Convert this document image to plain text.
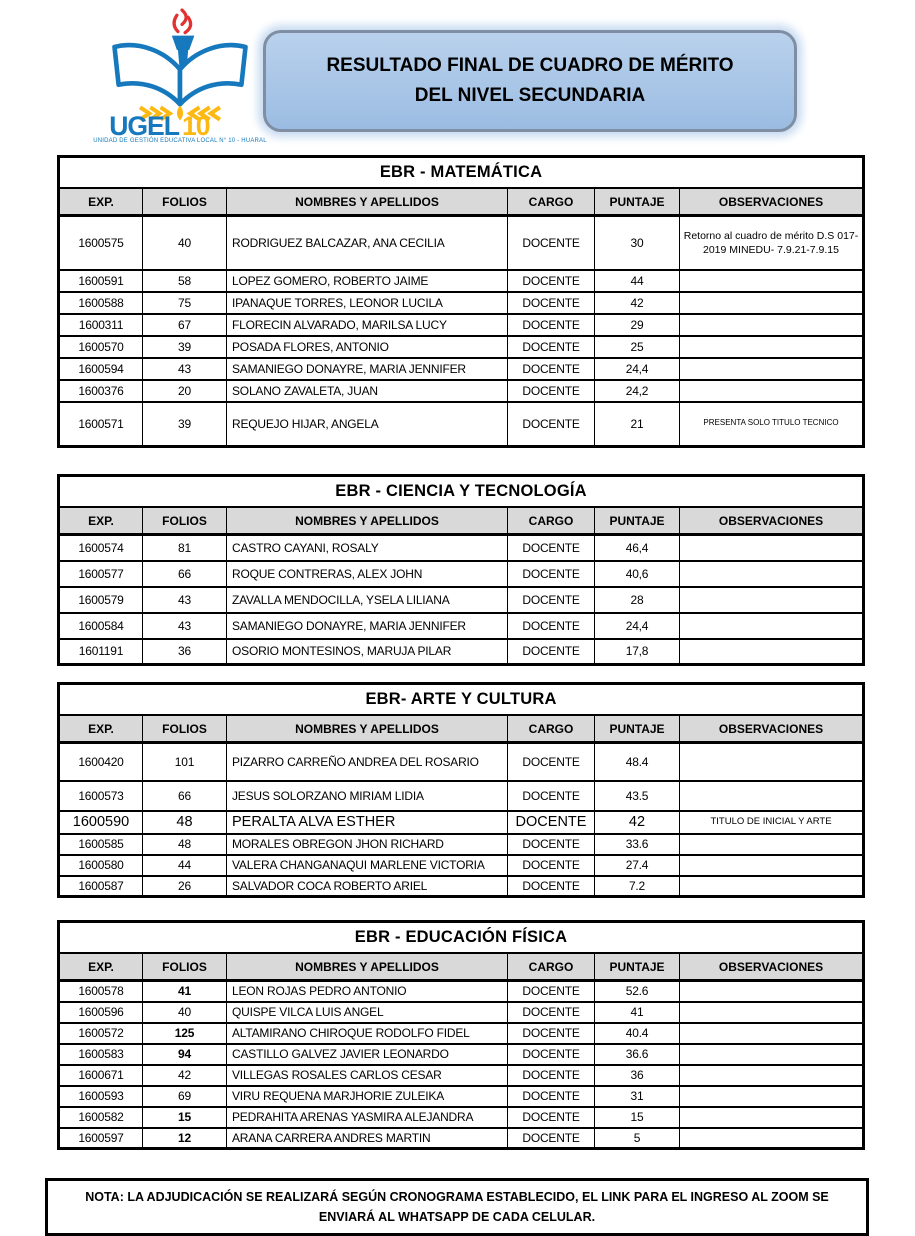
UGEL 10
UNIDAD DE GESTIÓN EDUCATIVA LOCAL N° 10 - HUARAL
RESULTADO FINAL DE CUADRO DE MÉRITO DEL NIVEL SECUNDARIA
EBR - MATEMÁTICA					
EXP.	FOLIOS	NOMBRES Y APELLIDOS	CARGO	PUNTAJE	OBSERVACIONES
1600575	40	RODRIGUEZ BALCAZAR, ANA CECILIA	DOCENTE	30	Retorno al cuadro de mérito D.S 017-2019 MINEDU- 7.9.21-7.9.15
1600591	58	LOPEZ GOMERO, ROBERTO JAIME	DOCENTE	44	
1600588	75	IPANAQUE TORRES, LEONOR LUCILA	DOCENTE	42	
1600311	67	FLORECIN ALVARADO, MARILSA LUCY	DOCENTE	29	
1600570	39	POSADA FLORES, ANTONIO	DOCENTE	25	
1600594	43	SAMANIEGO DONAYRE, MARIA JENNIFER	DOCENTE	24,4	
1600376	20	SOLANO ZAVALETA, JUAN	DOCENTE	24,2	
1600571	39	REQUEJO HIJAR, ANGELA	DOCENTE	21	PRESENTA SOLO TITULO TECNICO
EBR - CIENCIA Y TECNOLOGÍA					
EXP.	FOLIOS	NOMBRES Y APELLIDOS	CARGO	PUNTAJE	OBSERVACIONES
1600574	81	CASTRO CAYANI, ROSALY	DOCENTE	46,4	
1600577	66	ROQUE CONTRERAS, ALEX JOHN	DOCENTE	40,6	
1600579	43	ZAVALLA MENDOCILLA, YSELA LILIANA	DOCENTE	28	
1600584	43	SAMANIEGO DONAYRE, MARIA JENNIFER	DOCENTE	24,4	
1601191	36	OSORIO MONTESINOS, MARUJA PILAR	DOCENTE	17,8	
EBR- ARTE Y CULTURA					
EXP.	FOLIOS	NOMBRES Y APELLIDOS	CARGO	PUNTAJE	OBSERVACIONES
1600420	101	PIZARRO CARREÑO ANDREA DEL ROSARIO	DOCENTE	48.4	
1600573	66	JESUS SOLORZANO MIRIAM LIDIA	DOCENTE	43.5	
1600590	48	PERALTA ALVA ESTHER	DOCENTE	42	TITULO DE INICIAL Y ARTE
1600585	48	MORALES OBREGON JHON RICHARD	DOCENTE	33.6	
1600580	44	VALERA CHANGANAQUI MARLENE VICTORIA	DOCENTE	27.4	
1600587	26	SALVADOR COCA ROBERTO ARIEL	DOCENTE	7.2	
EBR - EDUCACIÓN FÍSICA					
EXP.	FOLIOS	NOMBRES Y APELLIDOS	CARGO	PUNTAJE	OBSERVACIONES
1600578	41	LEON ROJAS PEDRO ANTONIO	DOCENTE	52.6	
1600596	40	QUISPE VILCA LUIS ANGEL	DOCENTE	41	
1600572	125	ALTAMIRANO CHIROQUE RODOLFO FIDEL	DOCENTE	40.4	
1600583	94	CASTILLO GALVEZ JAVIER LEONARDO	DOCENTE	36.6	
1600671	42	VILLEGAS ROSALES CARLOS CESAR	DOCENTE	36	
1600593	69	VIRU REQUENA MARJHORIE ZULEIKA	DOCENTE	31	
1600582	15	PEDRAHITA ARENAS YASMIRA ALEJANDRA	DOCENTE	15	
1600597	12	ARANA CARRERA ANDRES MARTIN	DOCENTE	5	
NOTA: LA ADJUDICACIÓN SE REALIZARÁ SEGÚN CRONOGRAMA ESTABLECIDO, EL LINK PARA EL INGRESO AL ZOOM SE ENVIARÁ AL WHATSAPP DE CADA CELULAR.
